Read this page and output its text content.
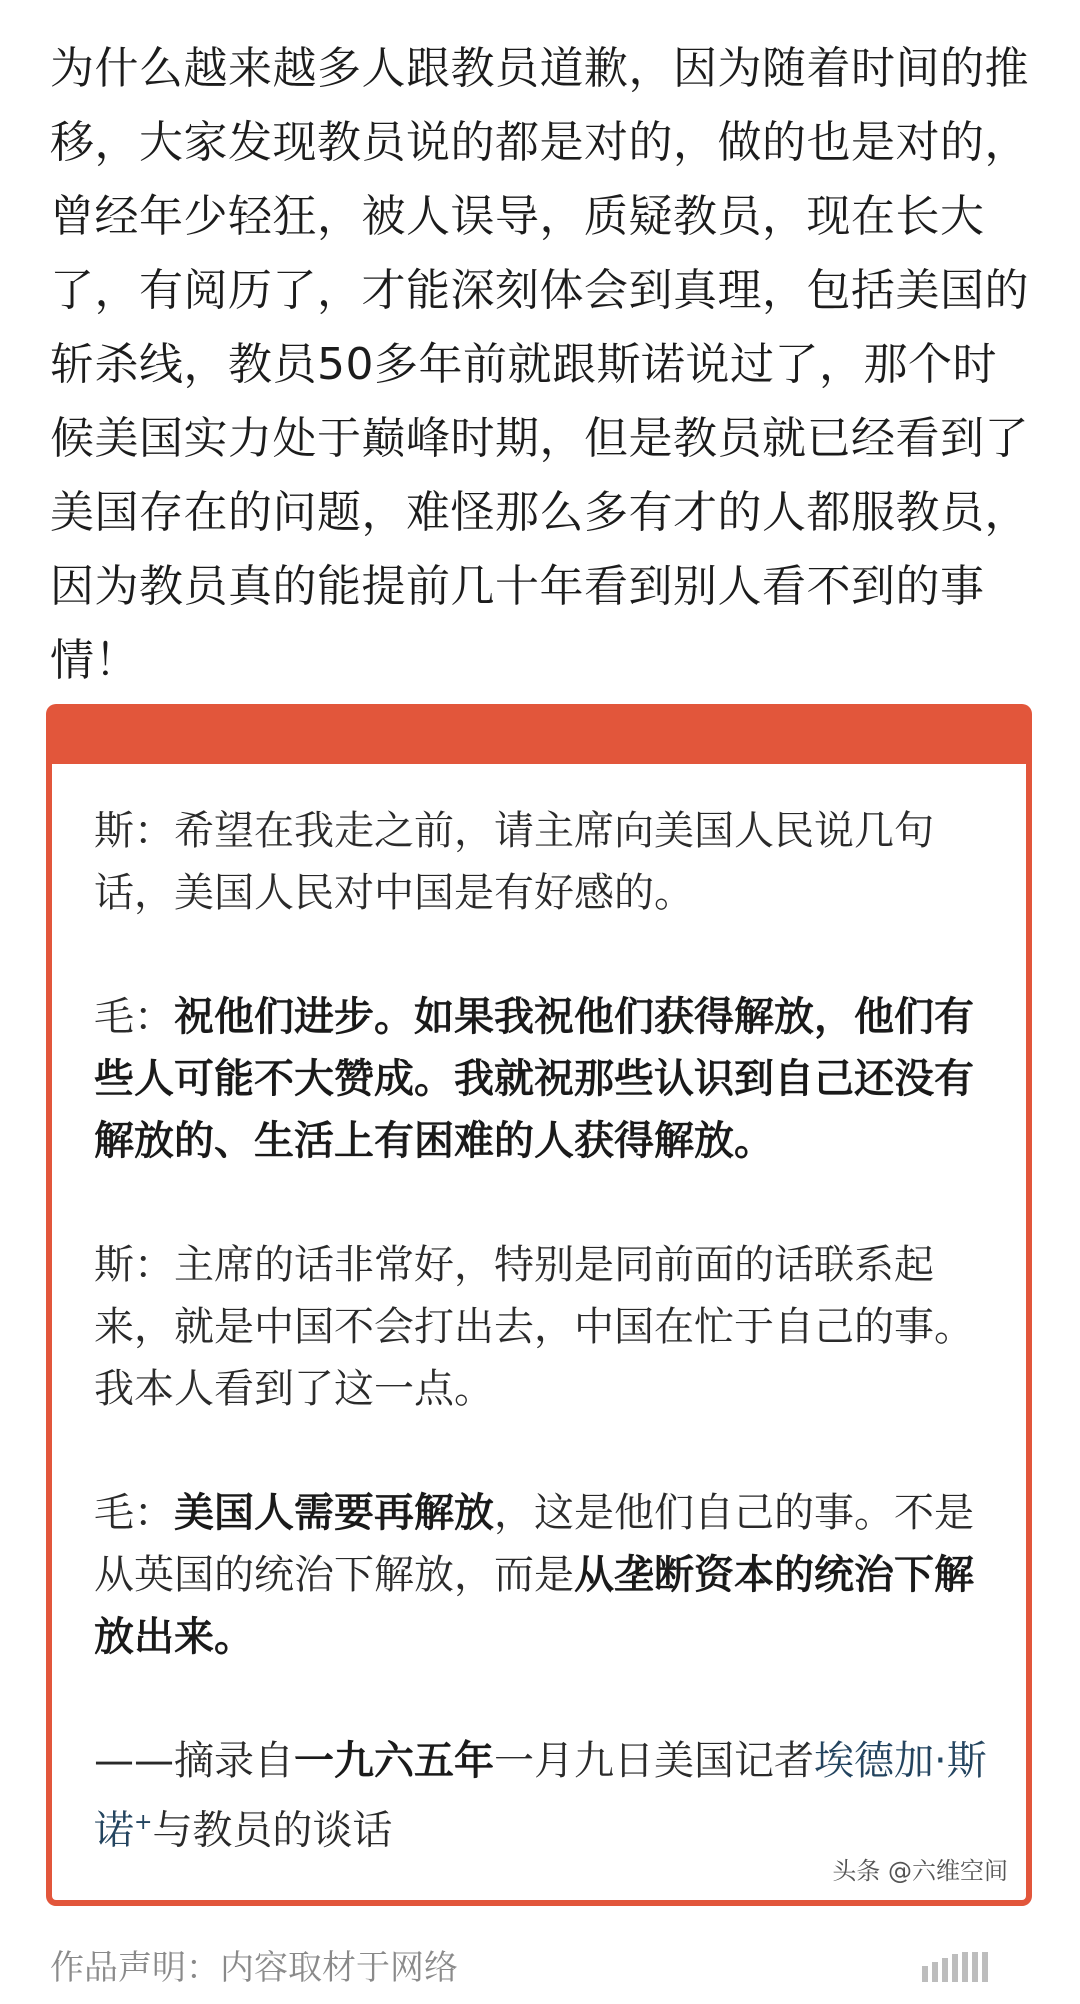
为什么越来越多人跟教员道歉，因为随着时间的推移，大家发现教员说的都是对的，做的也是对的，曾经年少轻狂，被人误导，质疑教员，现在长大了，有阅历了，才能深刻体会到真理，包括美国的斩杀线，教员50多年前就跟斯诺说过了，那个时候美国实力处于巅峰时期，但是教员就已经看到了美国存在的问题，难怪那么多有才的人都服教员，因为教员真的能提前几十年看到别人看不到的事情！

斯：希望在我走之前，请主席向美国人民说几句话，美国人民对中国是有好感的。

毛：祝他们进步。如果我祝他们获得解放，他们有些人可能不大赞成。我就祝那些认识到自己还没有解放的、生活上有困难的人获得解放。

斯：主席的话非常好，特别是同前面的话联系起来，就是中国不会打出去，中国在忙于自己的事。我本人看到了这一点。

毛：美国人需要再解放，这是他们自己的事。不是从英国的统治下解放，而是从垄断资本的统治下解放出来。

——摘录自一九六五年一月九日美国记者埃德加·斯诺+与教员的谈话

头条 @六维空间
作品声明：内容取材于网络
